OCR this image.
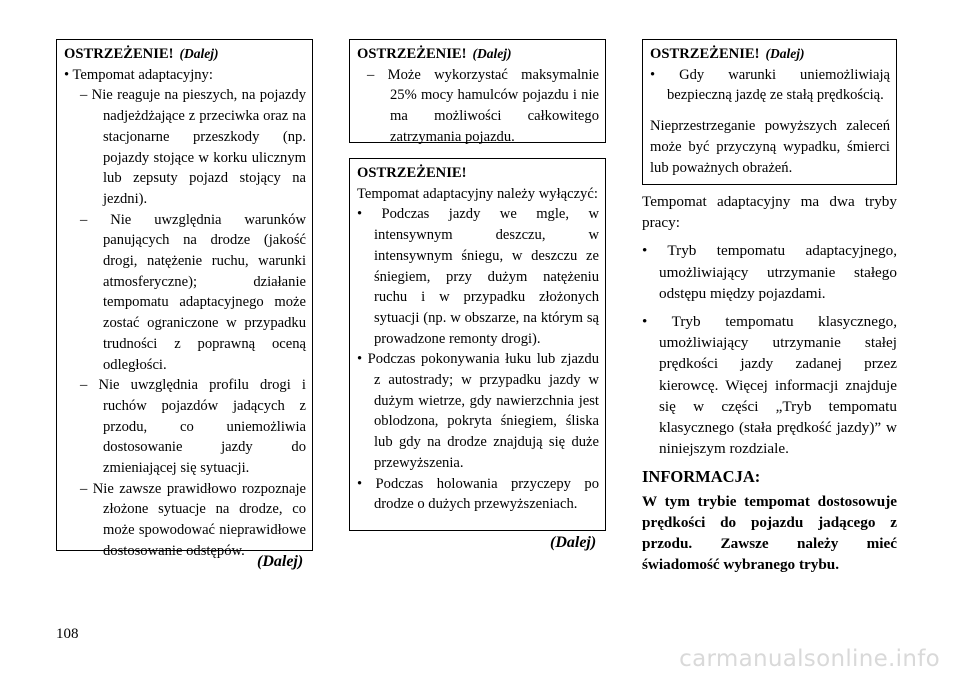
OSTRZEŻENIE! (Dalej)

• Tempomat adaptacyjny:

– Nie reaguje na pieszych, na pojazdy nadjeżdżające z przeciwka oraz na stacjonarne przeszkody (np. pojazdy stojące w korku ulicznym lub zepsuty pojazd stojący na jezdni).

– Nie uwzględnia warunków panujących na drodze (jakość drogi, natężenie ruchu, warunki atmosferyczne); działanie tempomatu adaptacyjnego może zostać ograniczone w przypadku trudności z poprawną oceną odległości.

– Nie uwzględnia profilu drogi i ruchów pojazdów jadących z przodu, co uniemożliwia dostosowanie jazdy do zmieniającej się sytuacji.

– Nie zawsze prawidłowo rozpoznaje złożone sytuacje na drodze, co może spowodować nieprawidłowe dostosowanie odstępów.

(Dalej)

OSTRZEŻENIE! (Dalej)

– Może wykorzystać maksymalnie 25% mocy hamulców pojazdu i nie ma możliwości całkowitego zatrzymania pojazdu.

OSTRZEŻENIE!

Tempomat adaptacyjny należy wyłączyć:

• Podczas jazdy we mgle, w intensywnym deszczu, w intensywnym śniegu, w deszczu ze śniegiem, przy dużym natężeniu ruchu i w przypadku złożonych sytuacji (np. w obszarze, na którym są prowadzone remonty drogi).

• Podczas pokonywania łuku lub zjazdu z autostrady; w przypadku jazdy w dużym wietrze, gdy nawierzchnia jest oblodzona, pokryta śniegiem, śliska lub gdy na drodze znajdują się duże przewyższenia.

• Podczas holowania przyczepy po drodze o dużych przewyższeniach.

(Dalej)

OSTRZEŻENIE! (Dalej)

• Gdy warunki uniemożliwiają bezpieczną jazdę ze stałą prędkością.

Nieprzestrzeganie powyższych zaleceń może być przyczyną wypadku, śmierci lub poważnych obrażeń.

Tempomat adaptacyjny ma dwa tryby pracy:

• Tryb tempomatu adaptacyjnego, umożliwiający utrzymanie stałego odstępu między pojazdami.

• Tryb tempomatu klasycznego, umożliwiający utrzymanie stałej prędkości jazdy zadanej przez kierowcę. Więcej informacji znajduje się w części „Tryb tempomatu klasycznego (stała prędkość jazdy)” w niniejszym rozdziale.

INFORMACJA:

W tym trybie tempomat dostosowuje prędkości do pojazdu jadącego z przodu. Zawsze należy mieć świadomość wybranego trybu.

108
carmanualsonline.info
